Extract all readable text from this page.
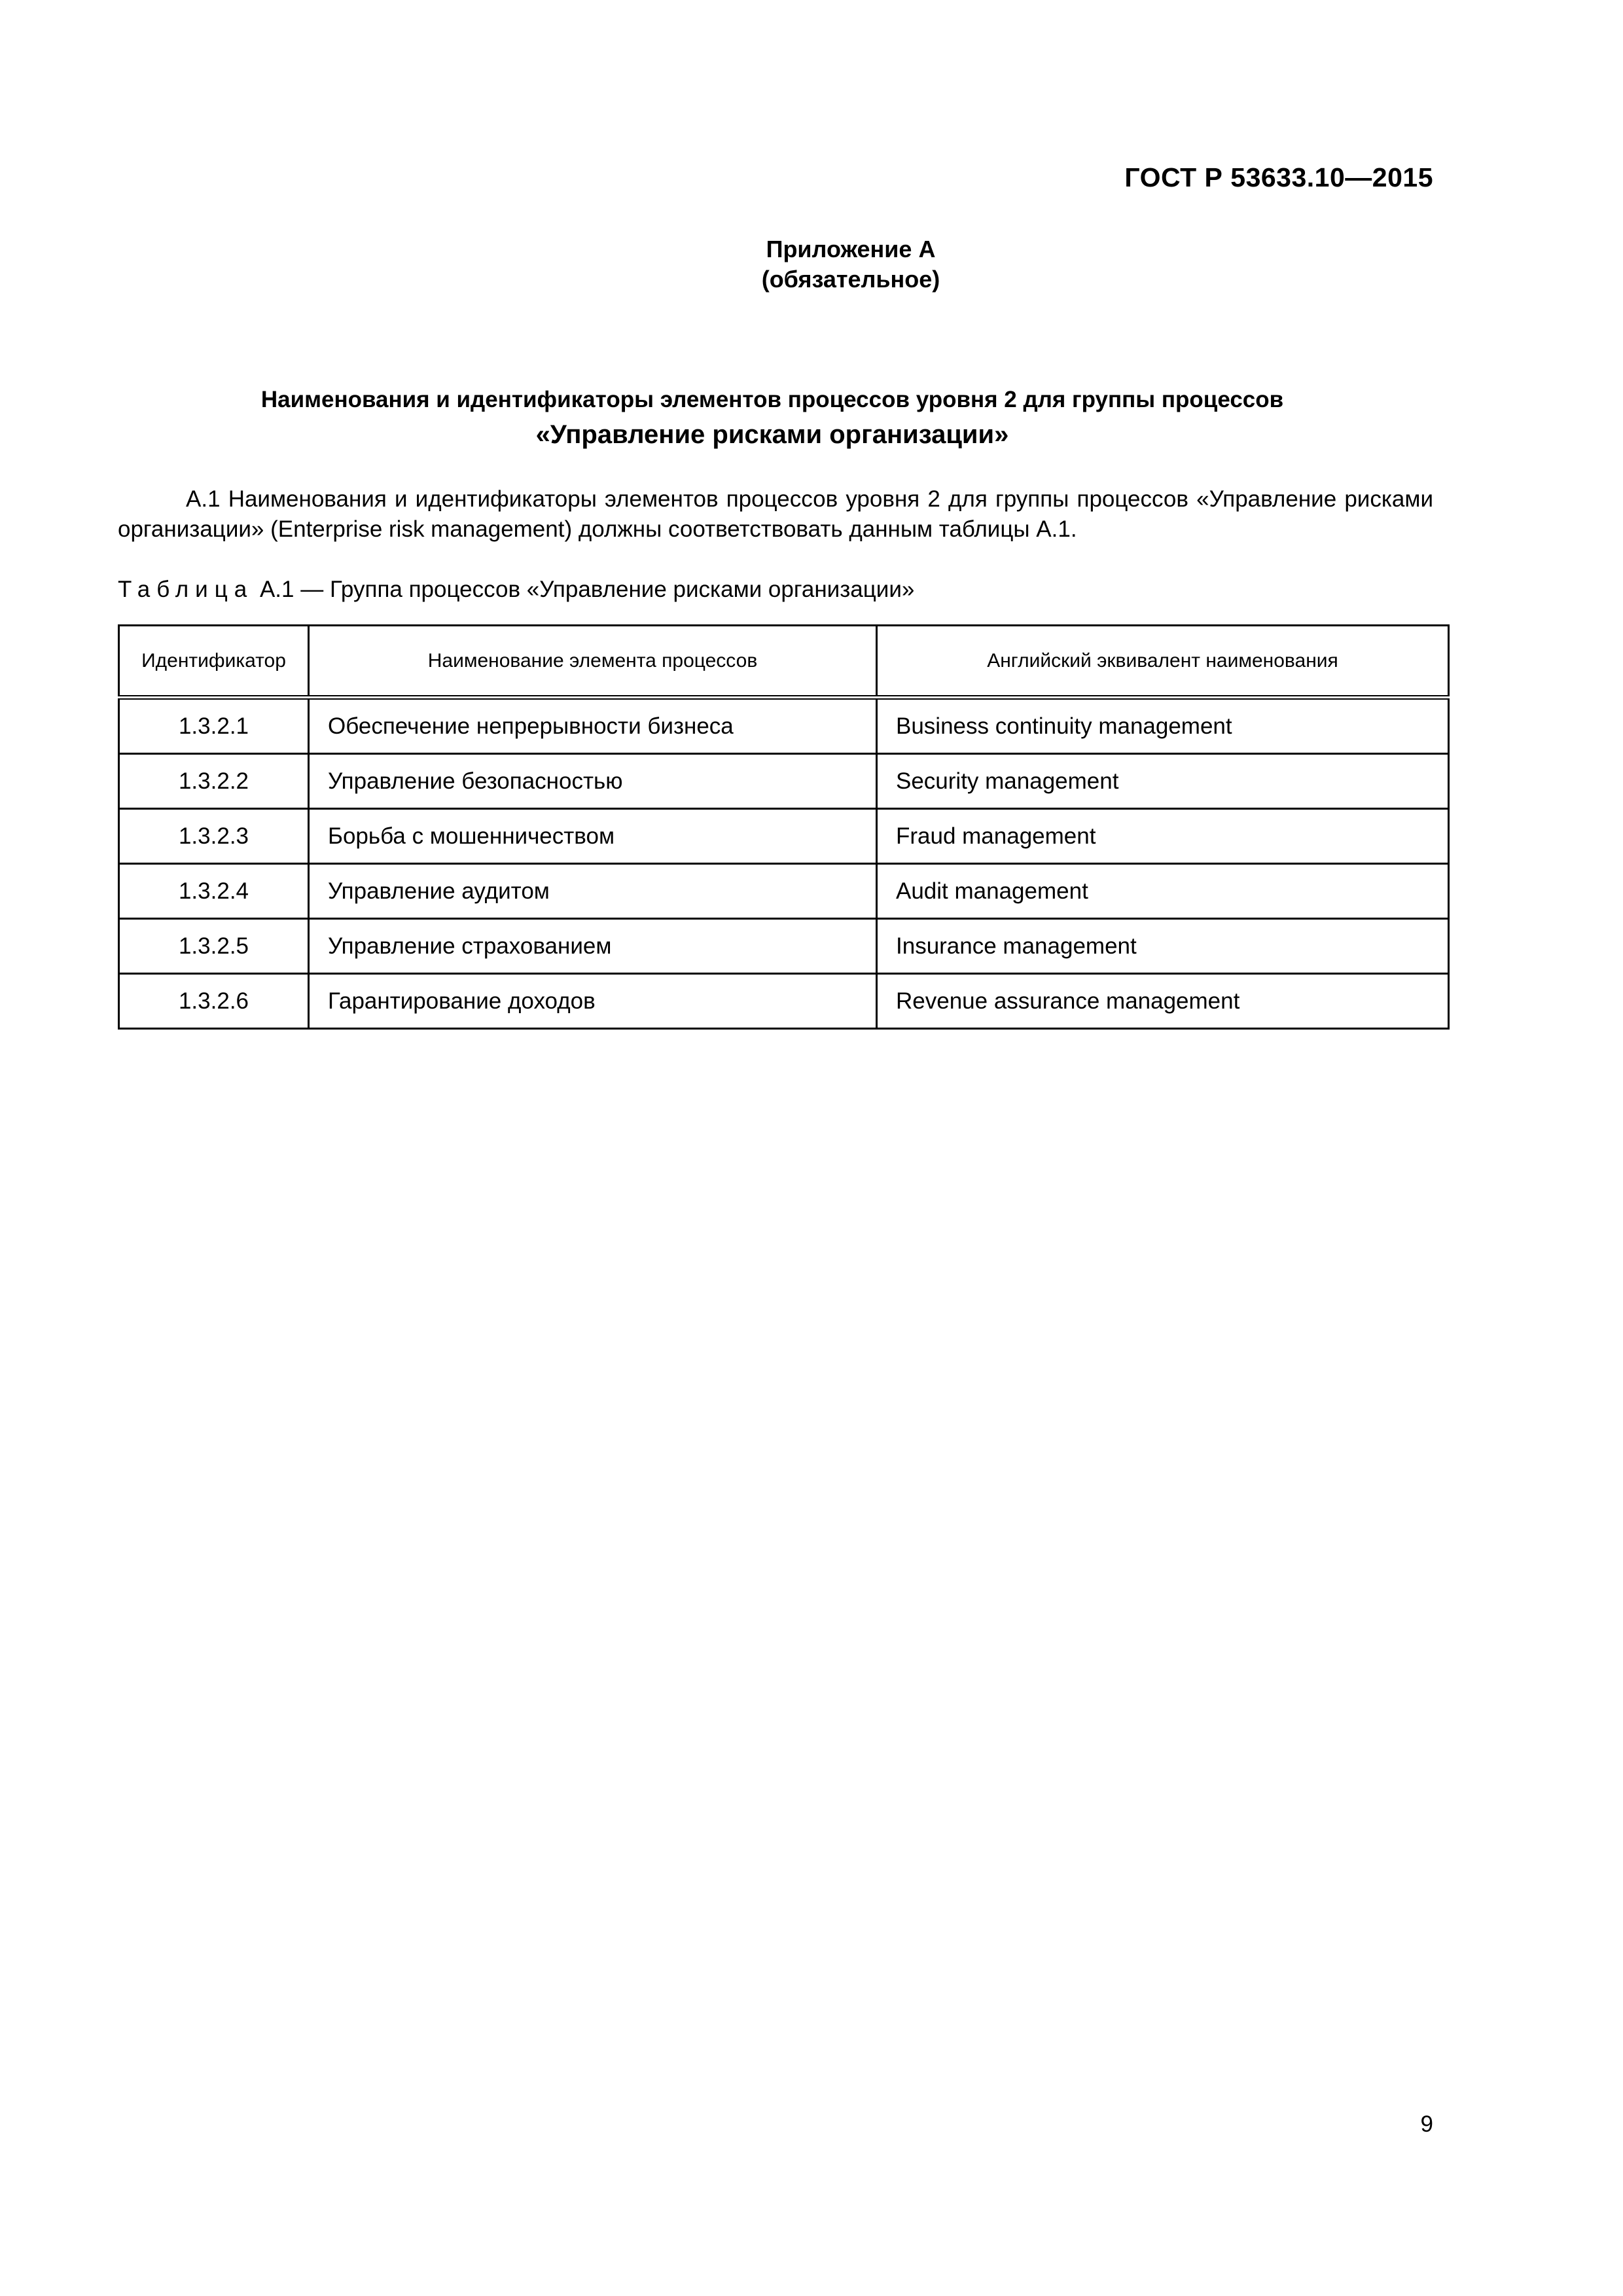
ГОСТ Р 53633.10—2015
Приложение А
(обязательное)
Наименования и идентификаторы элементов процессов уровня 2 для группы процессов
«Управление рисками организации»
А.1 Наименования и идентификаторы элементов процессов уровня 2 для группы процессов «Управление рисками организации» (Enterprise risk management) должны соответствовать данным таблицы А.1.
Таблица А.1 — Группа процессов «Управление рисками организации»
Идентификатор	Наименование элемента процессов	Английский эквивалент наименования
1.3.2.1	Обеспечение непрерывности бизнеса	Business continuity management
1.3.2.2	Управление безопасностью	Security management
1.3.2.3	Борьба с мошенничеством	Fraud management
1.3.2.4	Управление аудитом	Audit management
1.3.2.5	Управление страхованием	Insurance management
1.3.2.6	Гарантирование доходов	Revenue assurance management
9
